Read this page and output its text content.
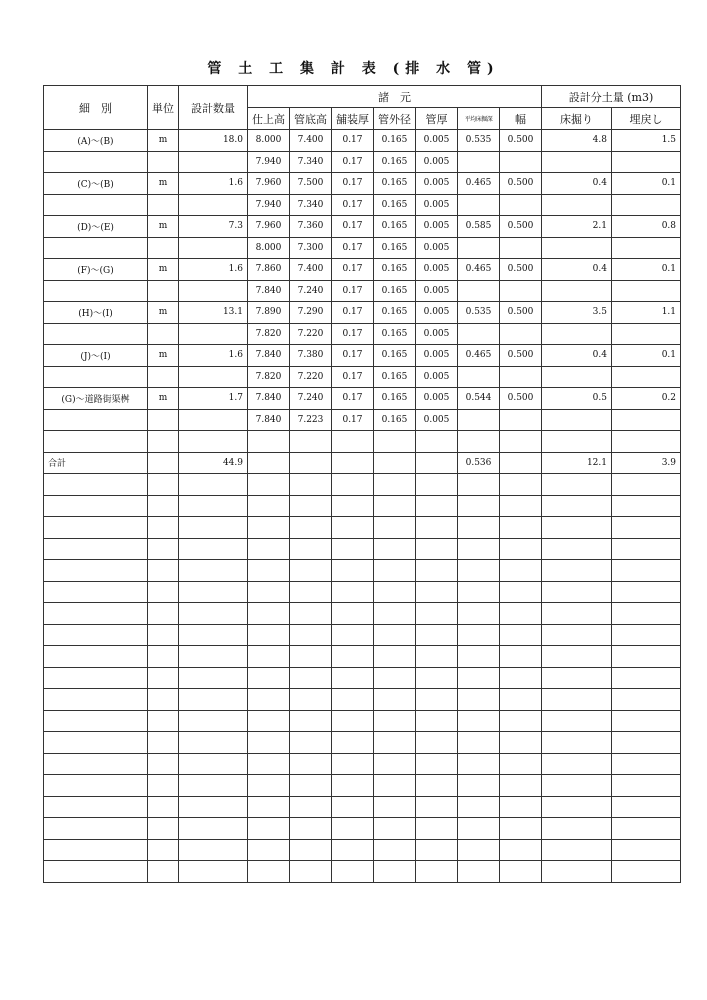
管 土 工 集 計 表 (排 水 管)
細　別	単位	設計数量	諸　元							設計分土量 (m3)	
			仕上高	管底高	舗装厚	管外径	管厚	平均床掘深	幅	床掘り	埋戻し
(A)～(B)	m	18.0	8.000	7.400	0.17	0.165	0.005	0.535	0.500	4.8	1.5
			7.940	7.340	0.17	0.165	0.005				
(C)～(B)	m	1.6	7.960	7.500	0.17	0.165	0.005	0.465	0.500	0.4	0.1
			7.940	7.340	0.17	0.165	0.005				
(D)～(E)	m	7.3	7.960	7.360	0.17	0.165	0.005	0.585	0.500	2.1	0.8
			8.000	7.300	0.17	0.165	0.005				
(F)～(G)	m	1.6	7.860	7.400	0.17	0.165	0.005	0.465	0.500	0.4	0.1
			7.840	7.240	0.17	0.165	0.005				
(H)～(I)	m	13.1	7.890	7.290	0.17	0.165	0.005	0.535	0.500	3.5	1.1
			7.820	7.220	0.17	0.165	0.005				
(J)～(I)	m	1.6	7.840	7.380	0.17	0.165	0.005	0.465	0.500	0.4	0.1
			7.820	7.220	0.17	0.165	0.005				
(G)～道路街渠桝	m	1.7	7.840	7.240	0.17	0.165	0.005	0.544	0.500	0.5	0.2
			7.840	7.223	0.17	0.165	0.005				

合計		44.9						0.536		12.1	3.9
